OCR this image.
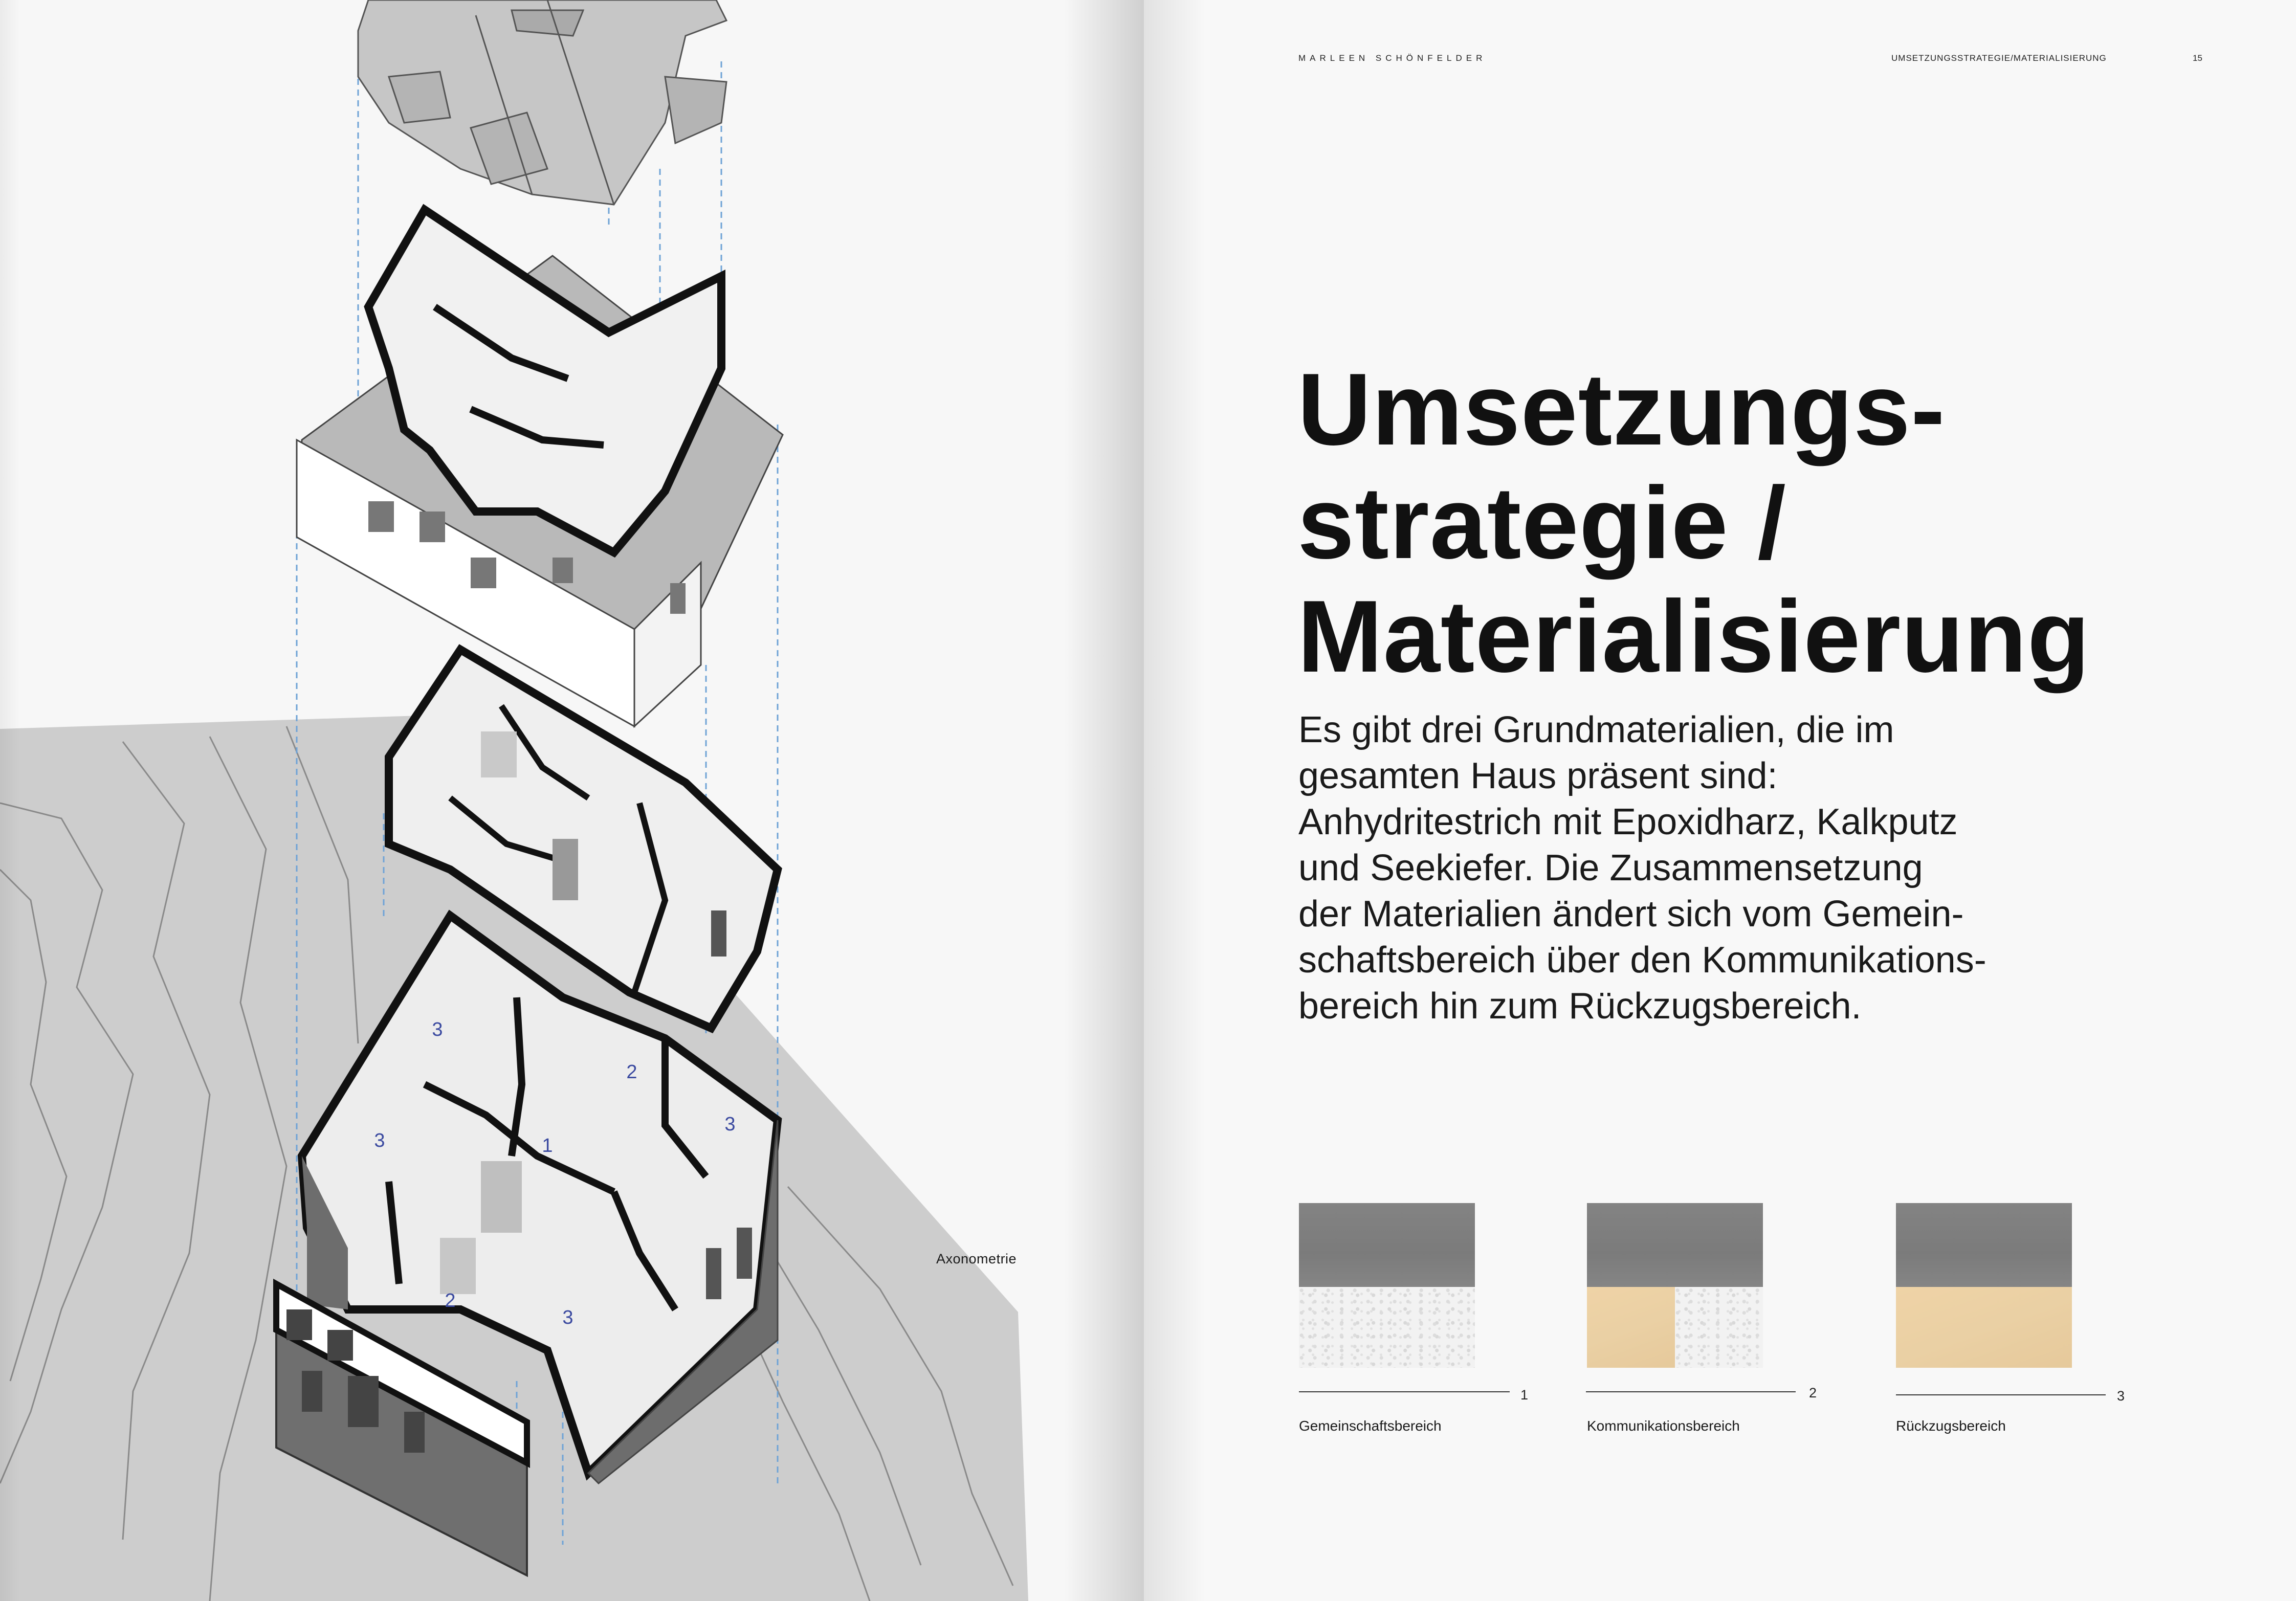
3
2
3	1
3
2
3
Axonometrie
MARLEEN SCHÖNFELDER	UMSETZUNGSSTRATEGIE/MATERIALISIERUNG	15
Umsetzungs-
strategie /
Materialisierung

Es gibt drei Grundmaterialien, die im
gesamten Haus präsent sind:
Anhydritestrich mit Epoxidharz, Kalkputz
und Seekiefer. Die Zusammensetzung
der Materialien ändert sich vom Gemein-
schaftsbereich über den Kommunikations-
bereich hin zum Rückzugsbereich.

1
Gemeinschaftsbereich
2
Kommunikationsbereich
3
Rückzugsbereich
